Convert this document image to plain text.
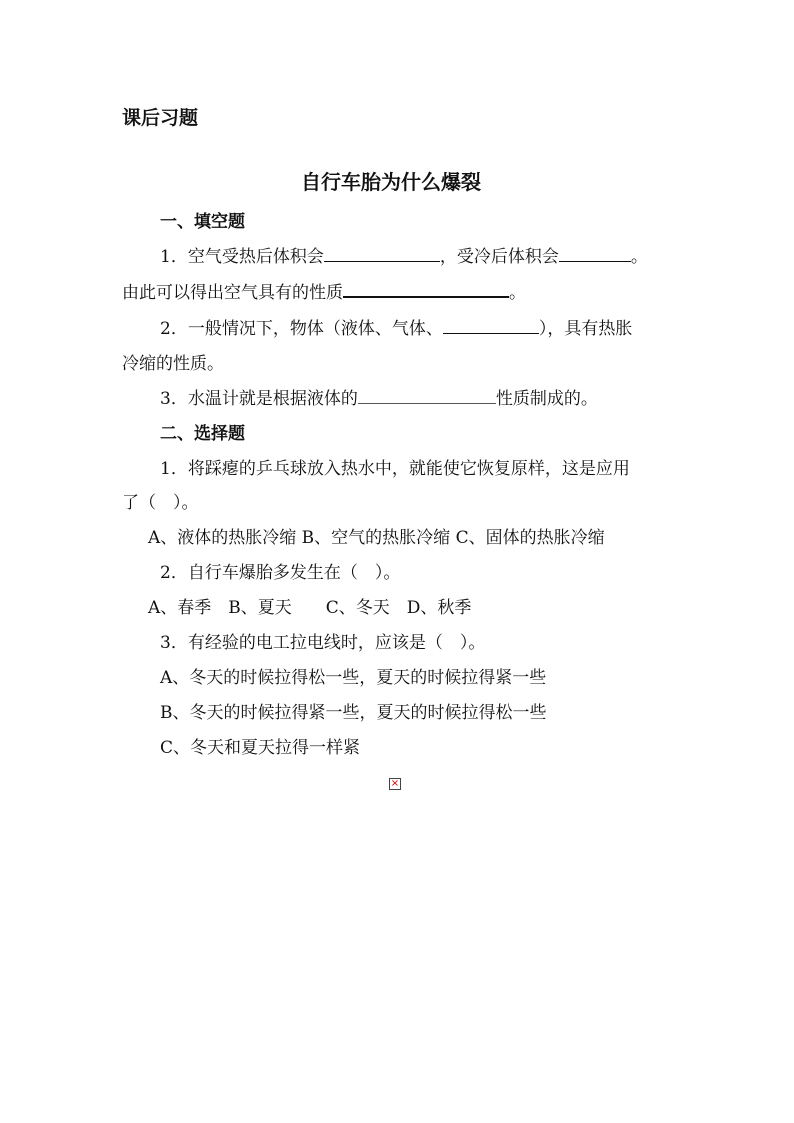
课后习题
自行车胎为什么爆裂
一、填空题
1．空气受热后体积会	，受冷后体积会	。
由此可以得出空气具有的性质	。
2．一般情况下，物体（液体、气体、	），具有热胀
冷缩的性质。
3．水温计就是根据液体的	性质制成的。
二、选择题
1．将踩瘪的乒乓球放入热水中，就能使它恢复原样，这是应用
了（　）。
A、液体的热胀冷缩 B、空气的热胀冷缩 C、固体的热胀冷缩
2．自行车爆胎多发生在（　）。
A、春季　B、夏天　　C、冬天　D、秋季
3．有经验的电工拉电线时，应该是（　）。
A、冬天的时候拉得松一些，夏天的时候拉得紧一些
B、冬天的时候拉得紧一些，夏天的时候拉得松一些
C、冬天和夏天拉得一样紧
×
